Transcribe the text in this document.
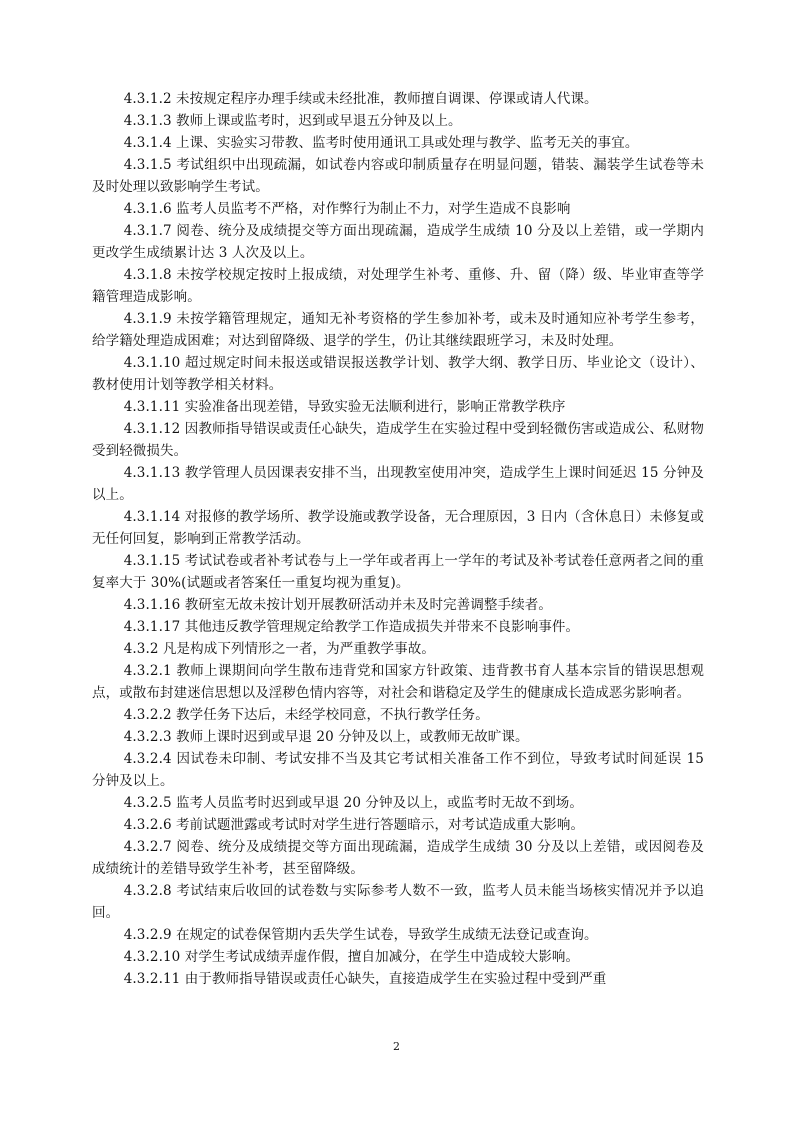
4.3.1.2 未按规定程序办理手续或未经批准，教师擅自调课、停课或请人代课。

4.3.1.3 教师上课或监考时，迟到或早退五分钟及以上。

4.3.1.4 上课、实验实习带教、监考时使用通讯工具或处理与教学、监考无关的事宜。

4.3.1.5 考试组织中出现疏漏，如试卷内容或印制质量存在明显问题，错装、漏装学生试卷等未及时处理以致影响学生考试。

4.3.1.6 监考人员监考不严格，对作弊行为制止不力，对学生造成不良影响

4.3.1.7 阅卷、统分及成绩提交等方面出现疏漏，造成学生成绩 10 分及以上差错，或一学期内更改学生成绩累计达 3 人次及以上。

4.3.1.8 未按学校规定按时上报成绩，对处理学生补考、重修、升、留（降）级、毕业审查等学籍管理造成影响。

4.3.1.9 未按学籍管理规定，通知无补考资格的学生参加补考，或未及时通知应补考学生参考，给学籍处理造成困难；对达到留降级、退学的学生，仍让其继续跟班学习，未及时处理。

4.3.1.10 超过规定时间未报送或错误报送教学计划、教学大纲、教学日历、毕业论文（设计）、教材使用计划等教学相关材料。

4.3.1.11 实验准备出现差错，导致实验无法顺利进行，影响正常教学秩序

4.3.1.12 因教师指导错误或责任心缺失，造成学生在实验过程中受到轻微伤害或造成公、私财物受到轻微损失。

4.3.1.13 教学管理人员因课表安排不当，出现教室使用冲突，造成学生上课时间延迟 15 分钟及以上。

4.3.1.14 对报修的教学场所、教学设施或教学设备，无合理原因，3 日内（含休息日）未修复或无任何回复，影响到正常教学活动。

4.3.1.15 考试试卷或者补考试卷与上一学年或者再上一学年的考试及补考试卷任意两者之间的重复率大于 30%(试题或者答案任一重复均视为重复)。

4.3.1.16 教研室无故未按计划开展教研活动并未及时完善调整手续者。

4.3.1.17 其他违反教学管理规定给教学工作造成损失并带来不良影响事件。

4.3.2 凡是构成下列情形之一者，为严重教学事故。

4.3.2.1 教师上课期间向学生散布违背党和国家方针政策、违背教书育人基本宗旨的错误思想观点，或散布封建迷信思想以及淫秽色情内容等，对社会和谐稳定及学生的健康成长造成恶劣影响者。

4.3.2.2 教学任务下达后，未经学校同意，不执行教学任务。

4.3.2.3 教师上课时迟到或早退 20 分钟及以上，或教师无故旷课。

4.3.2.4 因试卷未印制、考试安排不当及其它考试相关准备工作不到位，导致考试时间延误 15 分钟及以上。

4.3.2.5 监考人员监考时迟到或早退 20 分钟及以上，或监考时无故不到场。

4.3.2.6 考前试题泄露或考试时对学生进行答题暗示，对考试造成重大影响。

4.3.2.7 阅卷、统分及成绩提交等方面出现疏漏，造成学生成绩 30 分及以上差错，或因阅卷及成绩统计的差错导致学生补考，甚至留降级。

4.3.2.8 考试结束后收回的试卷数与实际参考人数不一致，监考人员未能当场核实情况并予以追回。

4.3.2.9 在规定的试卷保管期内丢失学生试卷，导致学生成绩无法登记或查询。

4.3.2.10 对学生考试成绩弄虚作假，擅自加减分，在学生中造成较大影响。

4.3.2.11 由于教师指导错误或责任心缺失，直接造成学生在实验过程中受到严重

2
